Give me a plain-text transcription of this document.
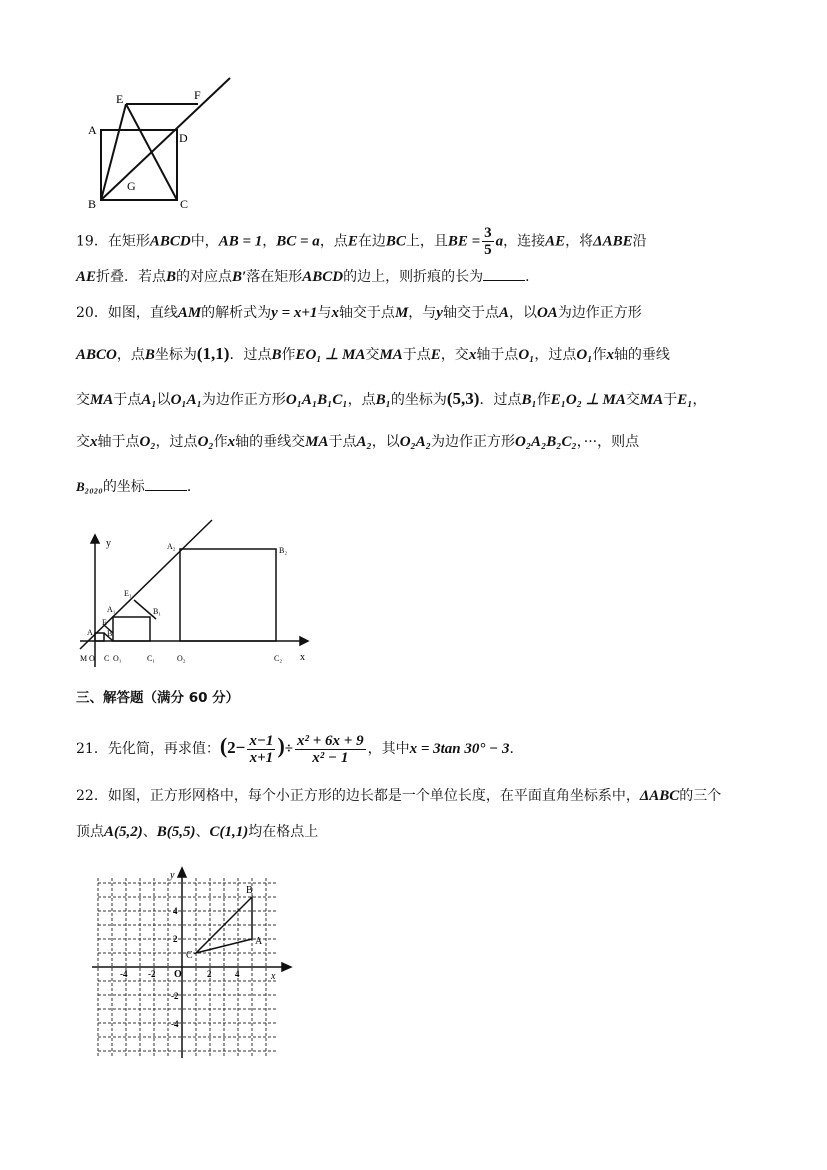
A
B	C
D
E	F
G
19．在矩形ABCD中，AB = 1，BC = a，点E在边BC上，且BE = $\frac{3}{5}$ a，连接AE，将ΔABE沿
AE折叠．若点B的对应点B′落在矩形ABCD的边上，则折痕的长为	．
20．如图，直线AM的解析式为y = x+1与x轴交于点M，与y轴交于点A，以OA为边作正方形
ABCO，点B坐标为(1,1)．过点B作EO₁ ⊥ MA交MA于点E，交x轴于点O₁，过点O₁作x轴的垂线
交MA于点A₁以O₁A₁为边作正方形O₁A₁B₁C₁，点B₁的坐标为(5,3)．过点B₁作E₁O₂ ⊥ MA交MA于E₁，
交x轴于点O₂，过点O₂作x轴的垂线交MA于点A₂，以O₂A₂为边作正方形O₂A₂B₂C₂，···，则点
B₂₀₂₀的坐标	．
y
x
M O C O₁	C₁	O₂	C₂
A
E
B
A₁
E₁
B₁
A₂	B₂
三、解答题（满分 60 分）
21．先化简，再求值：($2- \frac{x-1}{x+1}$ )÷ $\frac{\text{x² + 6x + 9}}{\text{x² − 1}}$ ，其中x = 3tan 30° − 3．
22．如图，正方形网格中，每个小正方形的边长都是一个单位长度，在平面直角坐标系中，ΔABC的三个
顶点A(5,2)、B(5,5)、C(1,1)均在格点上
y
x
O
A
B
C
-4 -2	2	4
4
2
-2
-4
